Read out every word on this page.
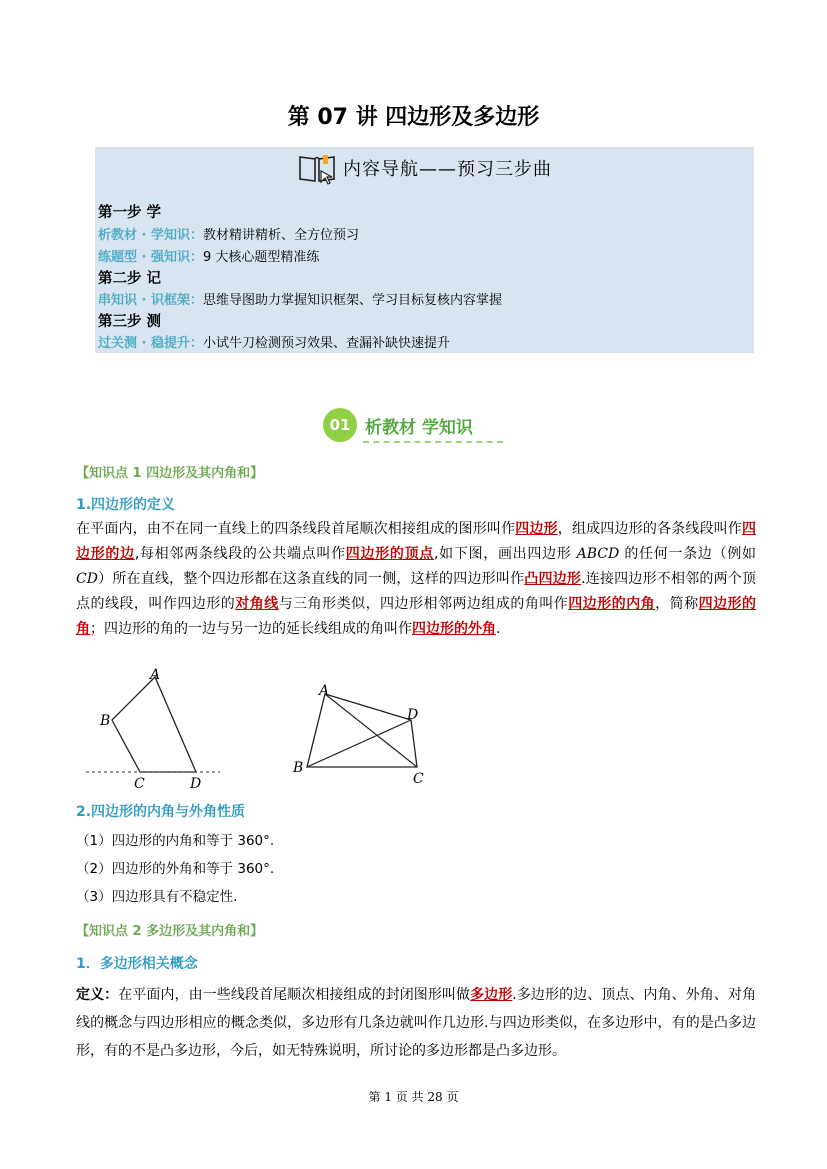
第 07 讲 四边形及多边形
内容导航——预习三步曲
第一步 学
析教材 · 学知识：教材精讲精析、全方位预习
练题型 · 强知识：9 大核心题型精准练
第二步 记
串知识 · 识框架：思维导图助力掌握知识框架、学习目标复核内容掌握
第三步 测
过关测 · 稳提升：小试牛刀检测预习效果、查漏补缺快速提升
01 析教材 学知识
【知识点 1 四边形及其内角和】
1.四边形的定义
在平面内，由不在同一直线上的四条线段首尾顺次相接组成的图形叫作四边形，组成四边形的各条线段叫作四边形的边,每相邻两条线段的公共端点叫作四边形的顶点,如下图，画出四边形 ABCD 的任何一条边（例如 CD）所在直线，整个四边形都在这条直线的同一侧，这样的四边形叫作凸四边形.连接四边形不相邻的两个顶点的线段，叫作四边形的对角线与三角形类似，四边形相邻两边组成的角叫作四边形的内角，简称四边形的角；四边形的角的一边与另一边的延长线组成的角叫作四边形的外角.
A
B
C	D
A
D
B
C
2.四边形的内角与外角性质
（1）四边形的内角和等于 360°.
（2）四边形的外角和等于 360°.
（3）四边形具有不稳定性.
【知识点 2 多边形及其内角和】
1．多边形相关概念
定义：在平面内，由一些线段首尾顺次相接组成的封闭图形叫做多边形.多边形的边、顶点、内角、外角、对角线的概念与四边形相应的概念类似，多边形有几条边就叫作几边形.与四边形类似，在多边形中，有的是凸多边形，有的不是凸多边形，今后，如无特殊说明，所讨论的多边形都是凸多边形。
第 1 页 共 28 页
